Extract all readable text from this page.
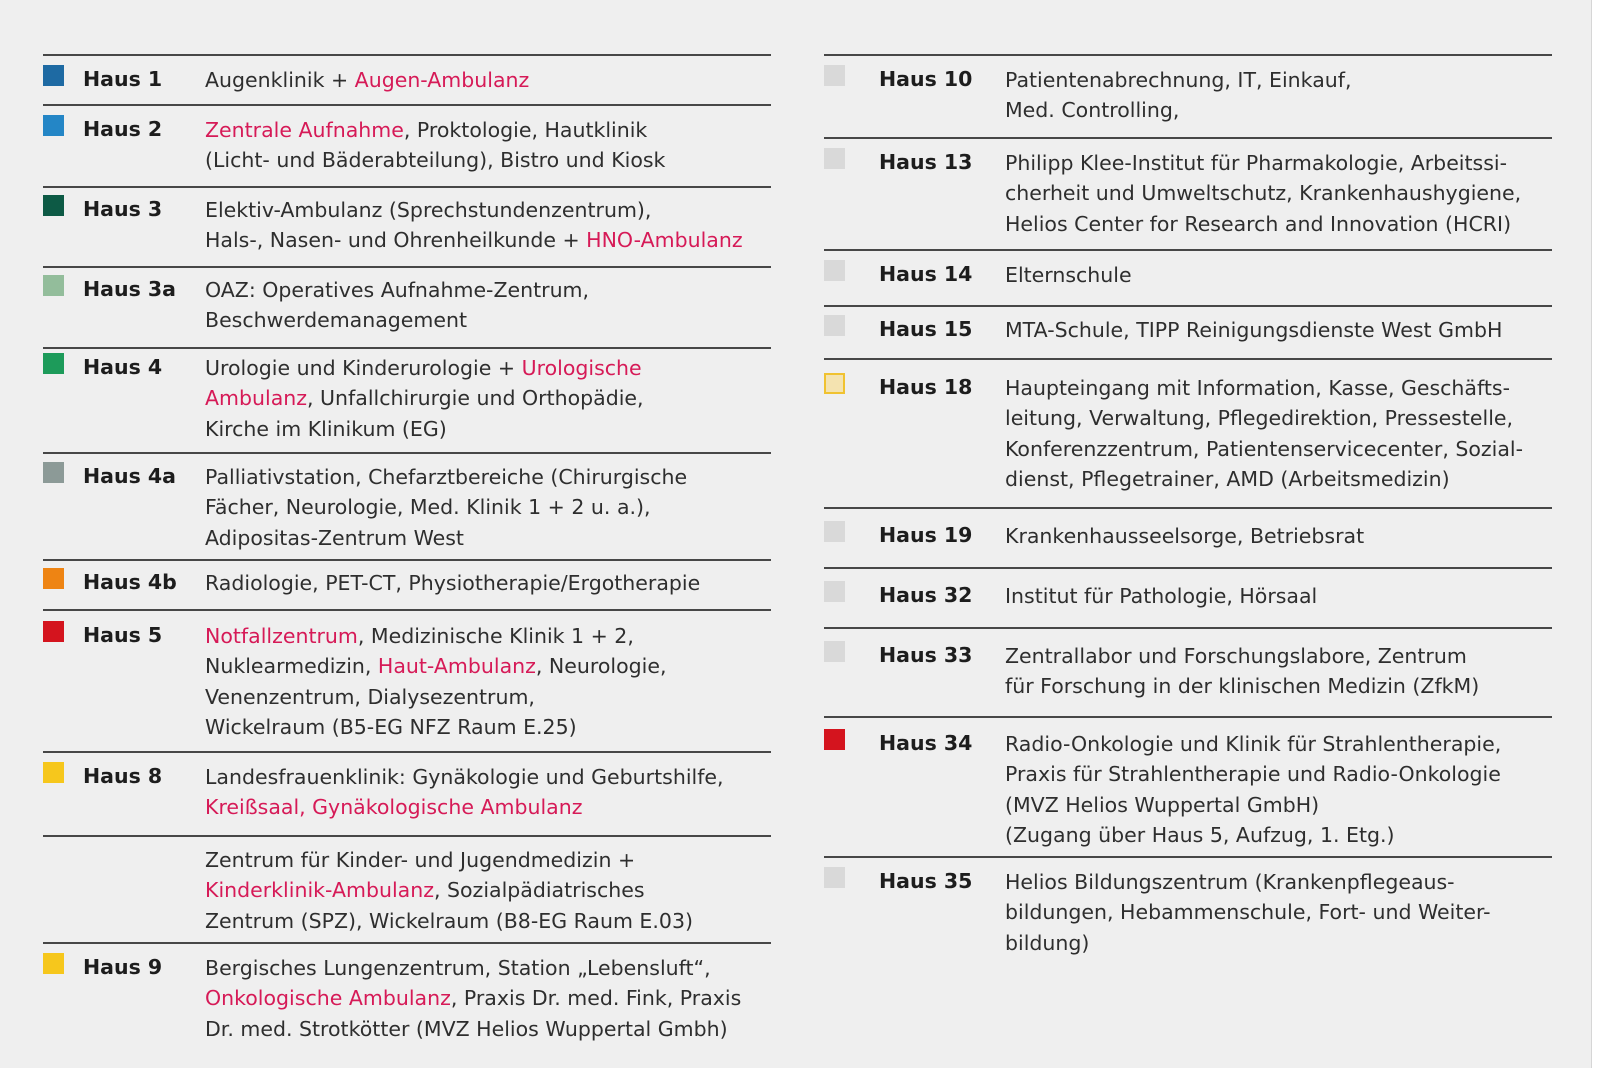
Haus 1 Augenklinik + Augen-Ambulanz
Haus 2 Zentrale Aufnahme, Proktologie, Hautklinik
(Licht- und Bäderabteilung), Bistro und Kiosk
Haus 3 Elektiv-Ambulanz (Sprechstundenzentrum),
Hals-, Nasen- und Ohrenheilkunde + HNO-Ambulanz
Haus 3a OAZ: Operatives Aufnahme-Zentrum,
Beschwerdemanagement
Haus 4 Urologie und Kinderurologie + Urologische
Ambulanz, Unfallchirurgie und Orthopädie,
Kirche im Klinikum (EG)
Haus 4a Palliativstation, Chefarztbereiche (Chirurgische
Fächer, Neurologie, Med. Klinik 1 + 2 u. a.),
Adipositas-Zentrum West
Haus 4b Radiologie, PET-CT, Physiotherapie/Ergotherapie
Haus 5 Notfallzentrum, Medizinische Klinik 1 + 2,
Nuklearmedizin, Haut-Ambulanz, Neurologie,
Venenzentrum, Dialysezentrum,
Wickelraum (B5-EG NFZ Raum E.25)
Haus 8 Landesfrauenklinik: Gynäkologie und Geburtshilfe,
Kreißsaal, Gynäkologische Ambulanz
Zentrum für Kinder- und Jugendmedizin +
Kinderklinik-Ambulanz, Sozialpädiatrisches
Zentrum (SPZ), Wickelraum (B8-EG Raum E.03)
Haus 9 Bergisches Lungenzentrum, Station „Lebensluft“,
Onkologische Ambulanz, Praxis Dr. med. Fink, Praxis
Dr. med. Strotkötter (MVZ Helios Wuppertal Gmbh)
Haus 10 Patientenabrechnung, IT, Einkauf,
Med. Controlling,
Haus 13 Philipp Klee-Institut für Pharmakologie, Arbeitssi-
cherheit und Umweltschutz, Krankenhaushygiene,
Helios Center for Research and Innovation (HCRI)
Haus 14 Elternschule
Haus 15 MTA-Schule, TIPP Reinigungsdienste West GmbH
Haus 18 Haupteingang mit Information, Kasse, Geschäfts-
leitung, Verwaltung, Pflegedirektion, Pressestelle,
Konferenzzentrum, Patientenservicecenter, Sozial-
dienst, Pflegetrainer, AMD (Arbeitsmedizin)
Haus 19 Krankenhausseelsorge, Betriebsrat
Haus 32 Institut für Pathologie, Hörsaal
Haus 33 Zentrallabor und Forschungslabore, Zentrum
für Forschung in der klinischen Medizin (ZfkM)
Haus 34 Radio-Onkologie und Klinik für Strahlentherapie,
Praxis für Strahlentherapie und Radio-Onkologie
(MVZ Helios Wuppertal GmbH)
(Zugang über Haus 5, Aufzug, 1. Etg.)
Haus 35 Helios Bildungszentrum (Krankenpflegeaus-
bildungen, Hebammenschule, Fort- und Weiter-
bildung)
